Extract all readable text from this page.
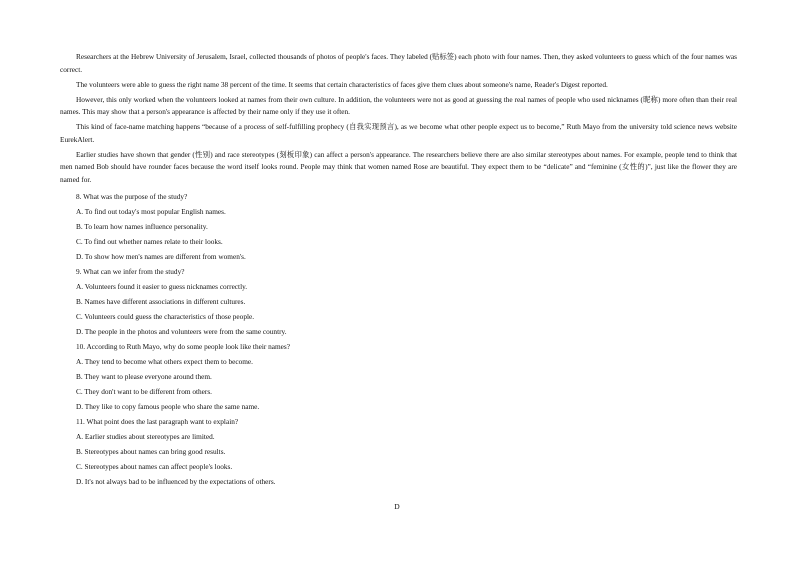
Researchers at the Hebrew University of Jerusalem, Israel, collected thousands of photos of people's faces. They labeled (贴标签) each photo with four names. Then, they asked volunteers to guess which of the four names was correct.

The volunteers were able to guess the right name 38 percent of the time. It seems that certain characteristics of faces give them clues about someone's name, Reader's Digest reported.

However, this only worked when the volunteers looked at names from their own culture. In addition, the volunteers were not as good at guessing the real names of people who used nicknames (昵称) more often than their real names. This may show that a person's appearance is affected by their name only if they use it often.

This kind of face-name matching happens “because of a process of self-fulfilling prophecy (自我实现预言), as we become what other people expect us to become,” Ruth Mayo from the university told science news website EurekAlert.

Earlier studies have shown that gender (性别) and race stereotypes (刻板印象) can affect a person's appearance. The researchers believe there are also similar stereotypes about names. For example, people tend to think that men named Bob should have rounder faces because the word itself looks round. People may think that women named Rose are beautiful. They expect them to be “delicate” and “feminine (女性的)”, just like the flower they are named for.

8. What was the purpose of the study?

A. To find out today's most popular English names.

B. To learn how names influence personality.

C. To find out whether names relate to their looks.

D. To show how men's names are different from women's.

9. What can we infer from the study?

A. Volunteers found it easier to guess nicknames correctly.

B. Names have different associations in different cultures.

C. Volunteers could guess the characteristics of those people.

D. The people in the photos and volunteers were from the same country.

10. According to Ruth Mayo, why do some people look like their names?

A. They tend to become what others expect them to become.

B. They want to please everyone around them.

C. They don't want to be different from others.

D. They like to copy famous people who share the same name.

11. What point does the last paragraph want to explain?

A. Earlier studies about stereotypes are limited.

B. Stereotypes about names can bring good results.

C. Stereotypes about names can affect people's looks.

D. It's not always bad to be influenced by the expectations of others.

D
